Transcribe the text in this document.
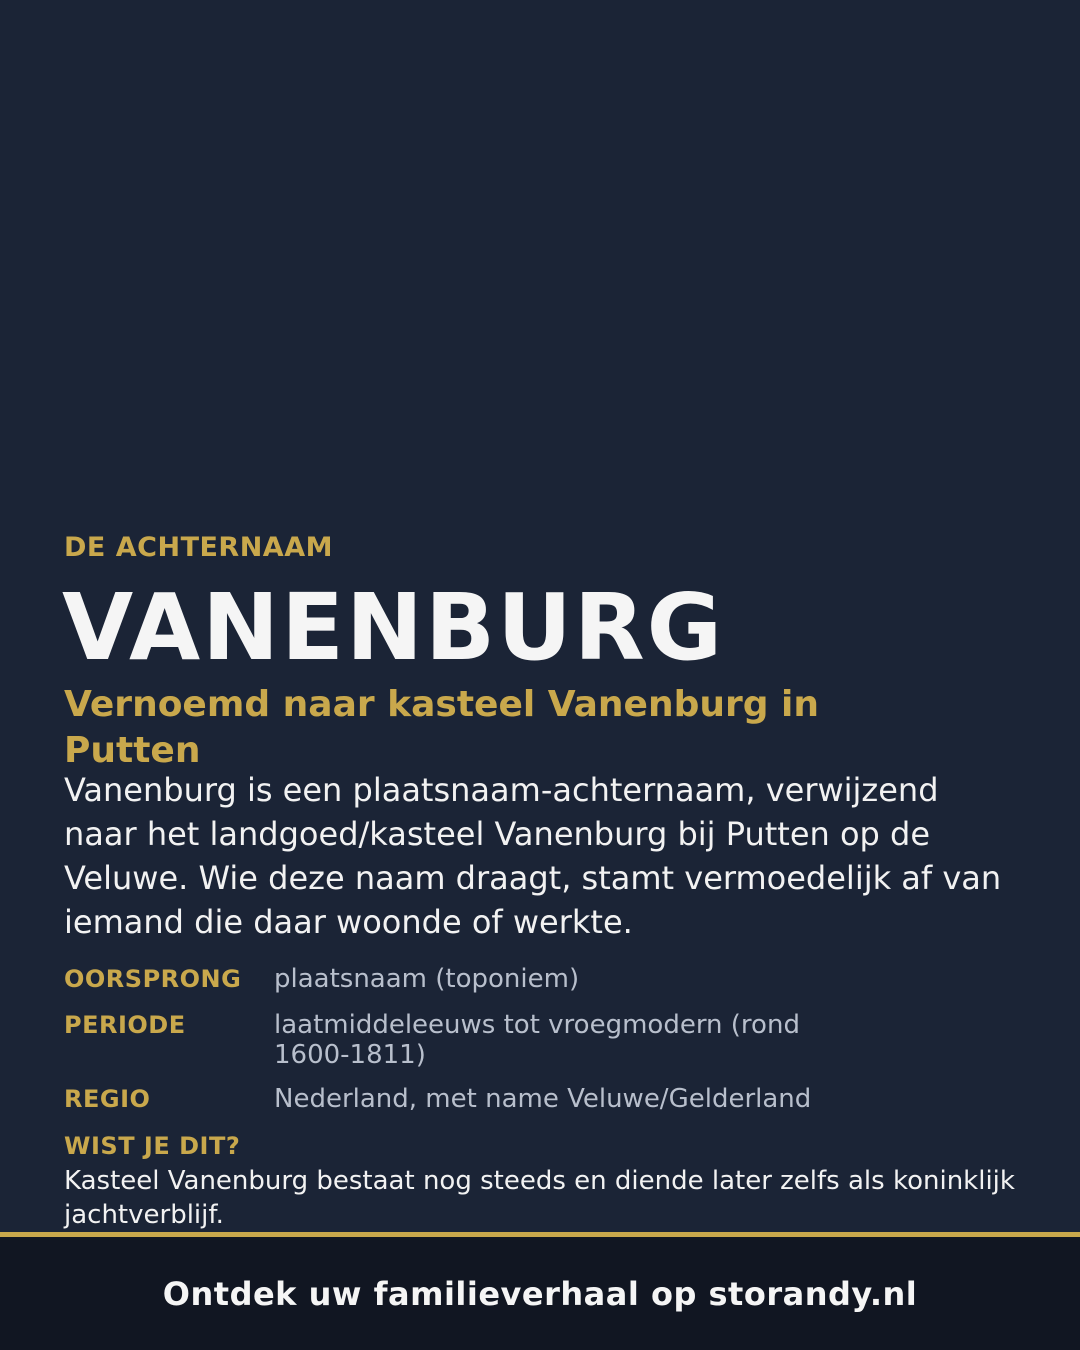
DE ACHTERNAAM
VANENBURG
Vernoemd naar kasteel Vanenburg in Putten
Vanenburg is een plaatsnaam-achternaam, verwijzend naar het landgoed/kasteel Vanenburg bij Putten op de Veluwe. Wie deze naam draagt, stamt vermoedelijk af van iemand die daar woonde of werkte.
OORSPRONG	plaatsnaam (toponiem)
PERIODE	laatmiddeleeuws tot vroegmodern (rond 1600-1811)
REGIO	Nederland, met name Veluwe/Gelderland
WIST JE DIT?
Kasteel Vanenburg bestaat nog steeds en diende later zelfs als koninklijk jachtverblijf.
Ontdek uw familieverhaal op storandy.nl
